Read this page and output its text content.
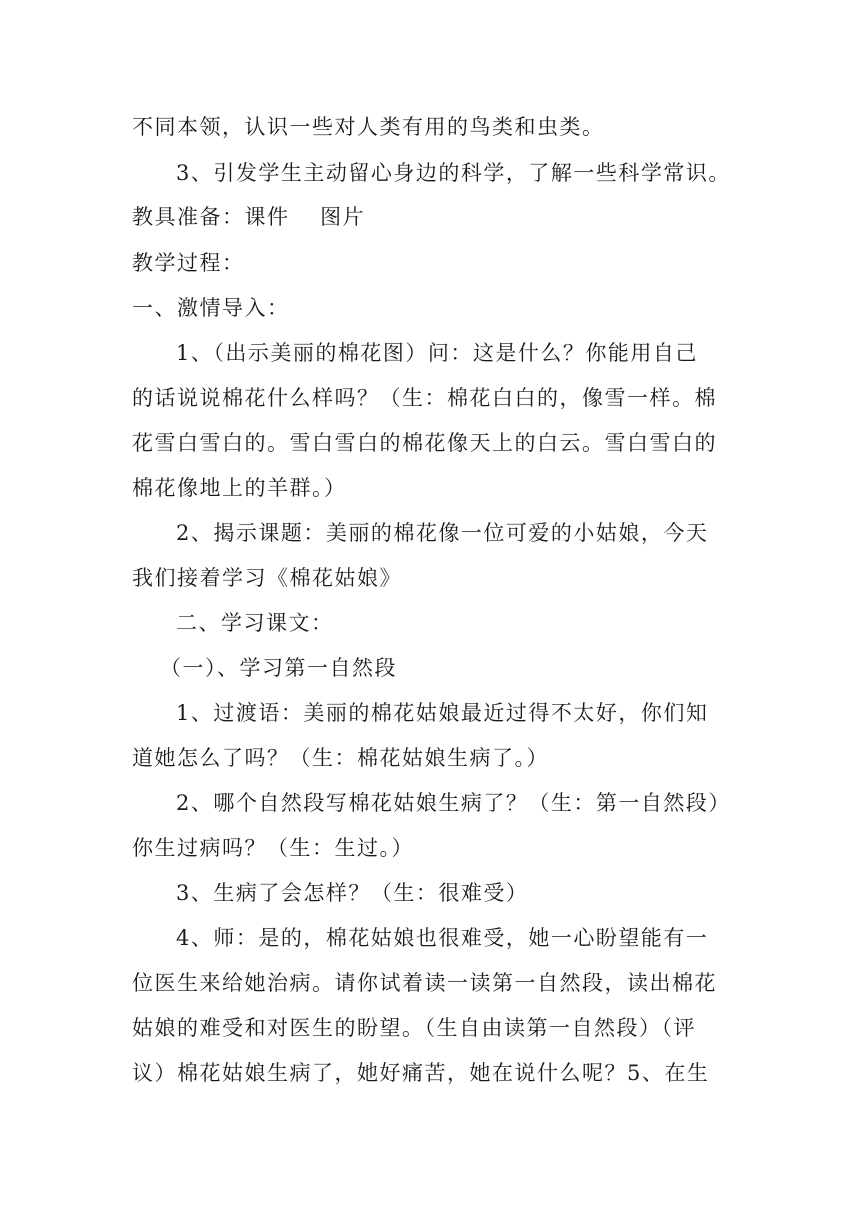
不同本领，认识一些对人类有用的鸟类和虫类。
3、引发学生主动留心身边的科学，了解一些科学常识。
教具准备：课件　 图片
教学过程：
一、激情导入：
1、（出示美丽的棉花图）问：这是什么？你能用自己
的话说说棉花什么样吗？（生：棉花白白的，像雪一样。棉
花雪白雪白的。雪白雪白的棉花像天上的白云。雪白雪白的
棉花像地上的羊群。）
2、揭示课题：美丽的棉花像一位可爱的小姑娘，今天
我们接着学习《棉花姑娘》
二、学习课文：
（一）、学习第一自然段
1、过渡语：美丽的棉花姑娘最近过得不太好，你们知
道她怎么了吗？（生：棉花姑娘生病了。）
2、哪个自然段写棉花姑娘生病了？（生：第一自然段）
你生过病吗？（生：生过。）
3、生病了会怎样？（生：很难受）
4、师：是的，棉花姑娘也很难受，她一心盼望能有一
位医生来给她治病。请你试着读一读第一自然段，读出棉花
姑娘的难受和对医生的盼望。（生自由读第一自然段）（评
议）棉花姑娘生病了，她好痛苦，她在说什么呢？5、在生
